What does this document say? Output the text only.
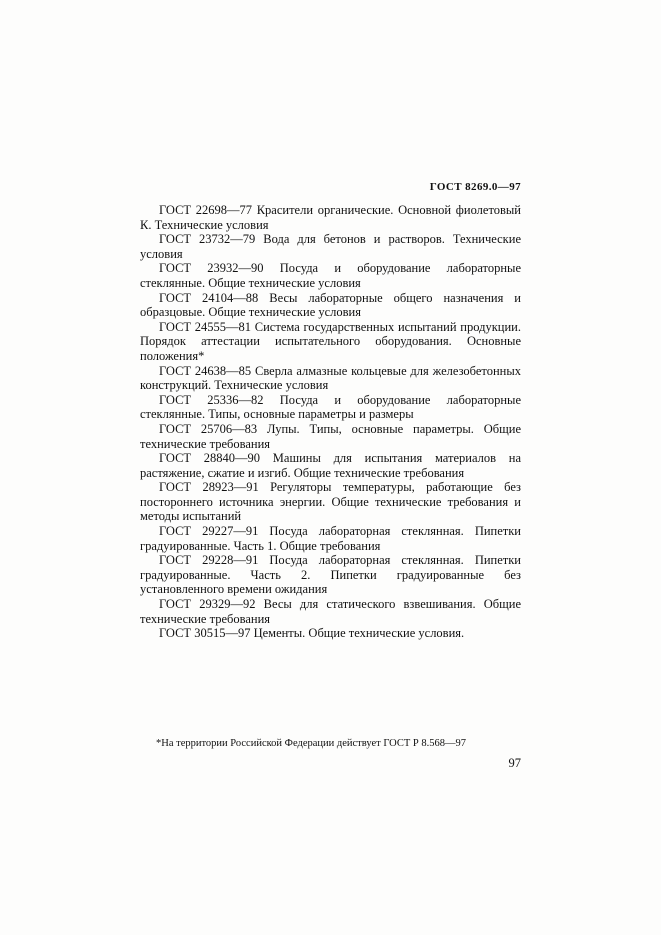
ГОСТ 8269.0—97

ГОСТ 22698—77 Красители органические. Основной фиолетовый К. Технические условия

ГОСТ 23732—79 Вода для бетонов и растворов. Технические условия

ГОСТ 23932—90 Посуда и оборудование лабораторные стеклянные. Общие технические условия

ГОСТ 24104—88 Весы лабораторные общего назначения и образцовые. Общие технические условия

ГОСТ 24555—81 Система государственных испытаний продукции. Порядок аттестации испытательного оборудования. Основные положения*

ГОСТ 24638—85 Сверла алмазные кольцевые для железобетонных конструкций. Технические условия

ГОСТ 25336—82 Посуда и оборудование лабораторные стеклянные. Типы, основные параметры и размеры

ГОСТ 25706—83 Лупы. Типы, основные параметры. Общие технические требования

ГОСТ 28840—90 Машины для испытания материалов на растяжение, сжатие и изгиб. Общие технические требования

ГОСТ 28923—91 Регуляторы температуры, работающие без постороннего источника энергии. Общие технические требования и методы испытаний

ГОСТ 29227—91 Посуда лабораторная стеклянная. Пипетки градуированные. Часть 1. Общие требования

ГОСТ 29228—91 Посуда лабораторная стеклянная. Пипетки градуированные. Часть 2. Пипетки градуированные без установленного времени ожидания

ГОСТ 29329—92 Весы для статического взвешивания. Общие технические требования

ГОСТ 30515—97 Цементы. Общие технические условия.

*На территории Российской Федерации действует ГОСТ Р 8.568—97
97
